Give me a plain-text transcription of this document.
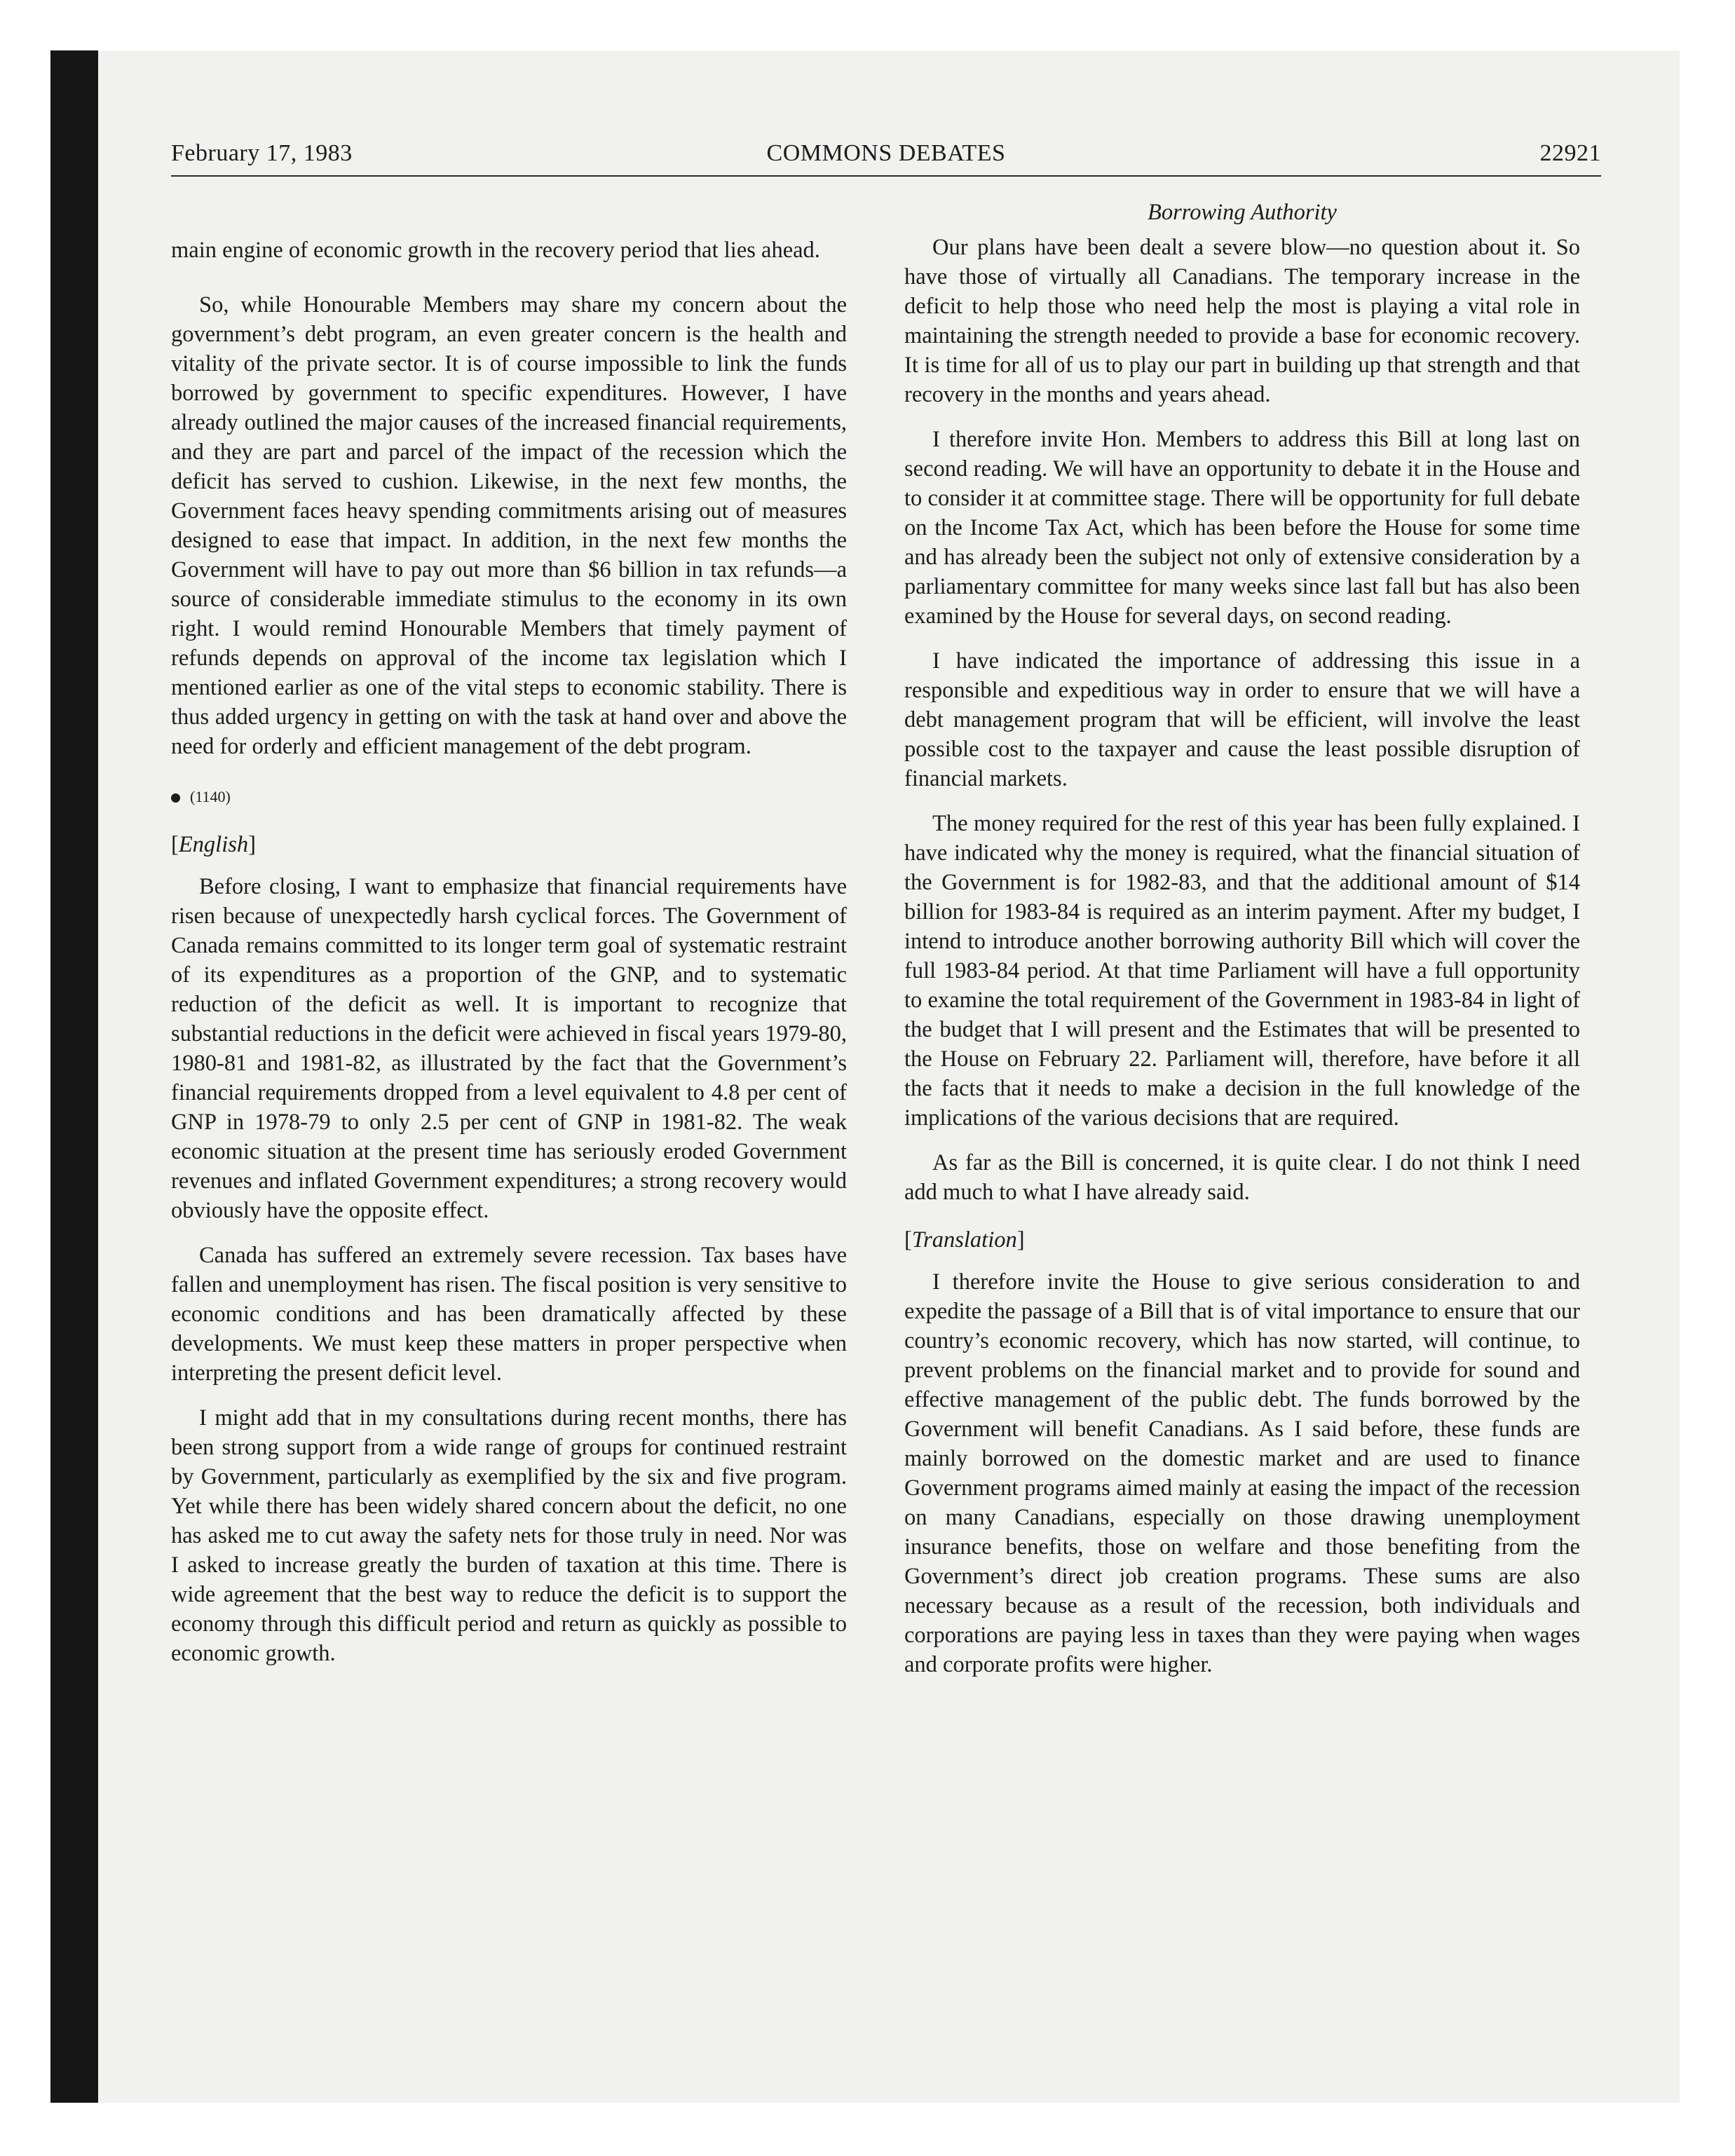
February 17, 1983	COMMONS DEBATES	22921

main engine of economic growth in the recovery period that lies ahead.

So, while Honourable Members may share my concern about the government’s debt program, an even greater concern is the health and vitality of the private sector. It is of course impossible to link the funds borrowed by government to specific expenditures. However, I have already outlined the major causes of the increased financial requirements, and they are part and parcel of the impact of the recession which the deficit has served to cushion. Likewise, in the next few months, the Government faces heavy spending commitments arising out of measures designed to ease that impact. In addition, in the next few months the Government will have to pay out more than $6 billion in tax refunds—a source of considerable immediate stimulus to the economy in its own right. I would remind Honourable Members that timely payment of refunds depends on approval of the income tax legislation which I mentioned earlier as one of the vital steps to economic stability. There is thus added urgency in getting on with the task at hand over and above the need for orderly and efficient management of the debt program.

(1140)
[English]

Before closing, I want to emphasize that financial requirements have risen because of unexpectedly harsh cyclical forces. The Government of Canada remains committed to its longer term goal of systematic restraint of its expenditures as a proportion of the GNP, and to systematic reduction of the deficit as well. It is important to recognize that substantial reductions in the deficit were achieved in fiscal years 1979-80, 1980-81 and 1981-82, as illustrated by the fact that the Government’s financial requirements dropped from a level equivalent to 4.8 per cent of GNP in 1978-79 to only 2.5 per cent of GNP in 1981-82. The weak economic situation at the present time has seriously eroded Government revenues and inflated Government expenditures; a strong recovery would obviously have the opposite effect.

Canada has suffered an extremely severe recession. Tax bases have fallen and unemployment has risen. The fiscal position is very sensitive to economic conditions and has been dramatically affected by these developments. We must keep these matters in proper perspective when interpreting the present deficit level.

I might add that in my consultations during recent months, there has been strong support from a wide range of groups for continued restraint by Government, particularly as exemplified by the six and five program. Yet while there has been widely shared concern about the deficit, no one has asked me to cut away the safety nets for those truly in need. Nor was I asked to increase greatly the burden of taxation at this time. There is wide agreement that the best way to reduce the deficit is to support the economy through this difficult period and return as quickly as possible to economic growth.

Borrowing Authority

Our plans have been dealt a severe blow—no question about it. So have those of virtually all Canadians. The temporary increase in the deficit to help those who need help the most is playing a vital role in maintaining the strength needed to provide a base for economic recovery. It is time for all of us to play our part in building up that strength and that recovery in the months and years ahead.

I therefore invite Hon. Members to address this Bill at long last on second reading. We will have an opportunity to debate it in the House and to consider it at committee stage. There will be opportunity for full debate on the Income Tax Act, which has been before the House for some time and has already been the subject not only of extensive consideration by a parliamentary committee for many weeks since last fall but has also been examined by the House for several days, on second reading.

I have indicated the importance of addressing this issue in a responsible and expeditious way in order to ensure that we will have a debt management program that will be efficient, will involve the least possible cost to the taxpayer and cause the least possible disruption of financial markets.

The money required for the rest of this year has been fully explained. I have indicated why the money is required, what the financial situation of the Government is for 1982-83, and that the additional amount of $14 billion for 1983-84 is required as an interim payment. After my budget, I intend to introduce another borrowing authority Bill which will cover the full 1983-84 period. At that time Parliament will have a full opportunity to examine the total requirement of the Government in 1983-84 in light of the budget that I will present and the Estimates that will be presented to the House on February 22. Parliament will, therefore, have before it all the facts that it needs to make a decision in the full knowledge of the implications of the various decisions that are required.

As far as the Bill is concerned, it is quite clear. I do not think I need add much to what I have already said.

[Translation]

I therefore invite the House to give serious consideration to and expedite the passage of a Bill that is of vital importance to ensure that our country’s economic recovery, which has now started, will continue, to prevent problems on the financial market and to provide for sound and effective management of the public debt. The funds borrowed by the Government will benefit Canadians. As I said before, these funds are mainly borrowed on the domestic market and are used to finance Government programs aimed mainly at easing the impact of the recession on many Canadians, especially on those drawing unemployment insurance benefits, those on welfare and those benefiting from the Government’s direct job creation programs. These sums are also necessary because as a result of the recession, both individuals and corporations are paying less in taxes than they were paying when wages and corporate profits were higher.
